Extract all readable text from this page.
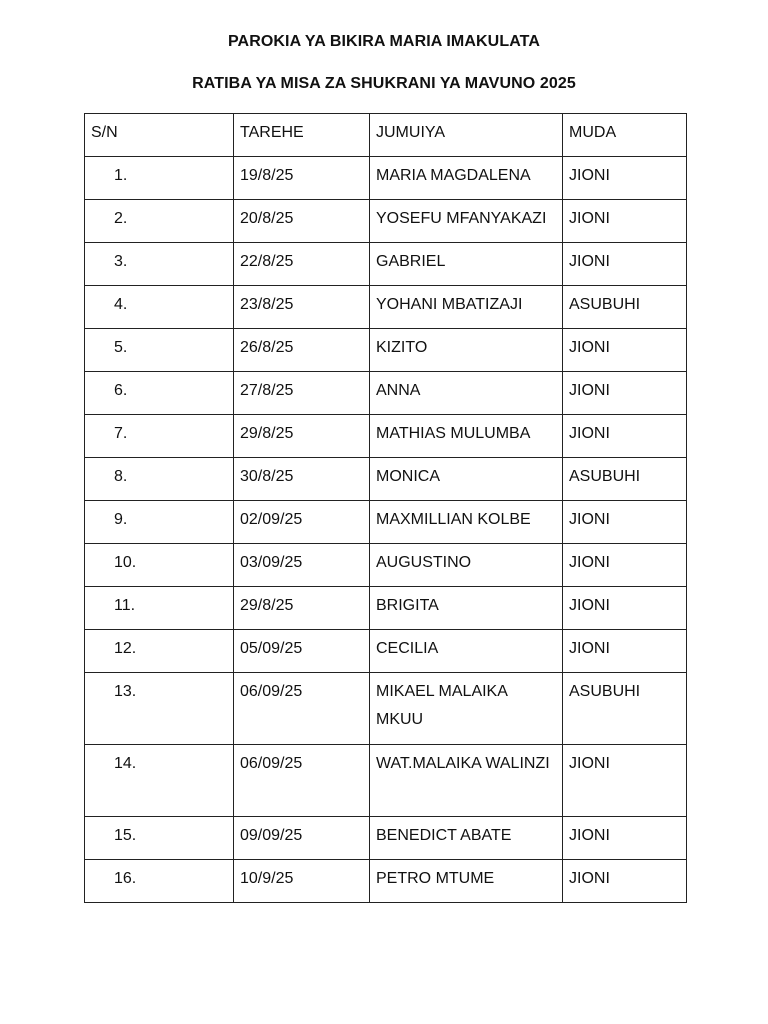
PAROKIA YA BIKIRA MARIA IMAKULATA
RATIBA YA MISA ZA SHUKRANI YA MAVUNO 2025
S/N	TAREHE	JUMUIYA	MUDA
1.	19/8/25	MARIA MAGDALENA	JIONI
2.	20/8/25	YOSEFU MFANYAKAZI	JIONI
3.	22/8/25	GABRIEL	JIONI
4.	23/8/25	YOHANI MBATIZAJI	ASUBUHI
5.	26/8/25	KIZITO	JIONI
6.	27/8/25	ANNA	JIONI
7.	29/8/25	MATHIAS MULUMBA	JIONI
8.	30/8/25	MONICA	ASUBUHI
9.	02/09/25	MAXMILLIAN KOLBE	JIONI
10.	03/09/25	AUGUSTINO	JIONI
11.	29/8/25	BRIGITA	JIONI
12.	05/09/25	CECILIA	JIONI
13.	06/09/25	MIKAEL MALAIKA MKUU	ASUBUHI
14.	06/09/25	WAT.MALAIKA WALINZI	JIONI
15.	09/09/25	BENEDICT ABATE	JIONI
16.	10/9/25	PETRO MTUME	JIONI
